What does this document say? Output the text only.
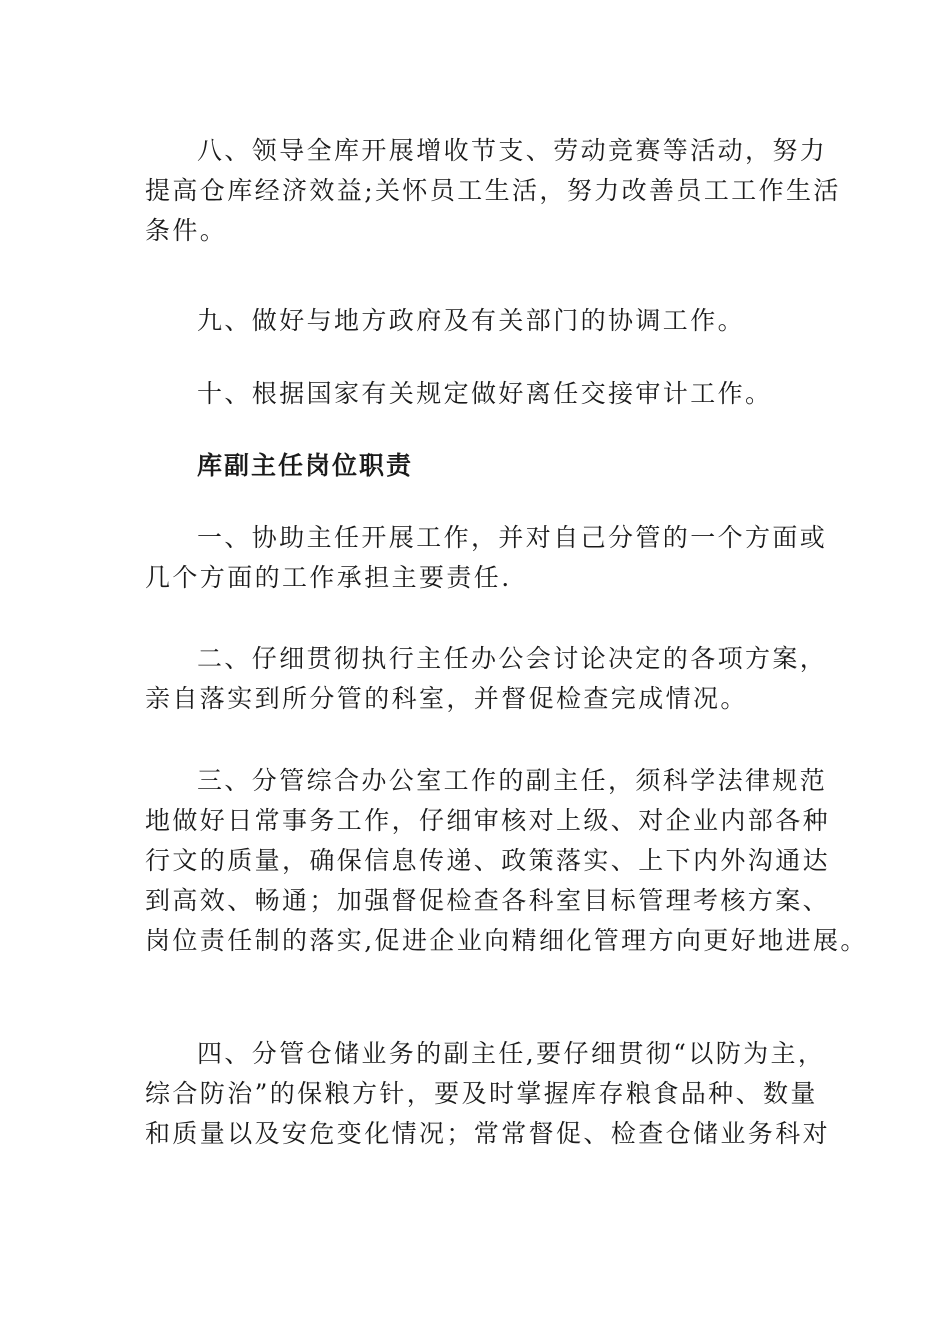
八、领导全库开展增收节支、劳动竞赛等活动，努力
提高仓库经济效益;关怀员工生活，努力改善员工工作生活
条件。
九、做好与地方政府及有关部门的协调工作。
十、根据国家有关规定做好离任交接审计工作。
库副主任岗位职责
一、协助主任开展工作，并对自己分管的一个方面或
几个方面的工作承担主要责任.
二、仔细贯彻执行主任办公会讨论决定的各项方案，
亲自落实到所分管的科室，并督促检查完成情况。
三、分管综合办公室工作的副主任，须科学法律规范
地做好日常事务工作，仔细审核对上级、对企业内部各种
行文的质量，确保信息传递、政策落实、上下内外沟通达
到高效、畅通；加强督促检查各科室目标管理考核方案、
岗位责任制的落实,促进企业向精细化管理方向更好地进展。
四、分管仓储业务的副主任,要仔细贯彻“以防为主，
综合防治”的保粮方针，要及时掌握库存粮食品种、数量
和质量以及安危变化情况；常常督促、检查仓储业务科对
